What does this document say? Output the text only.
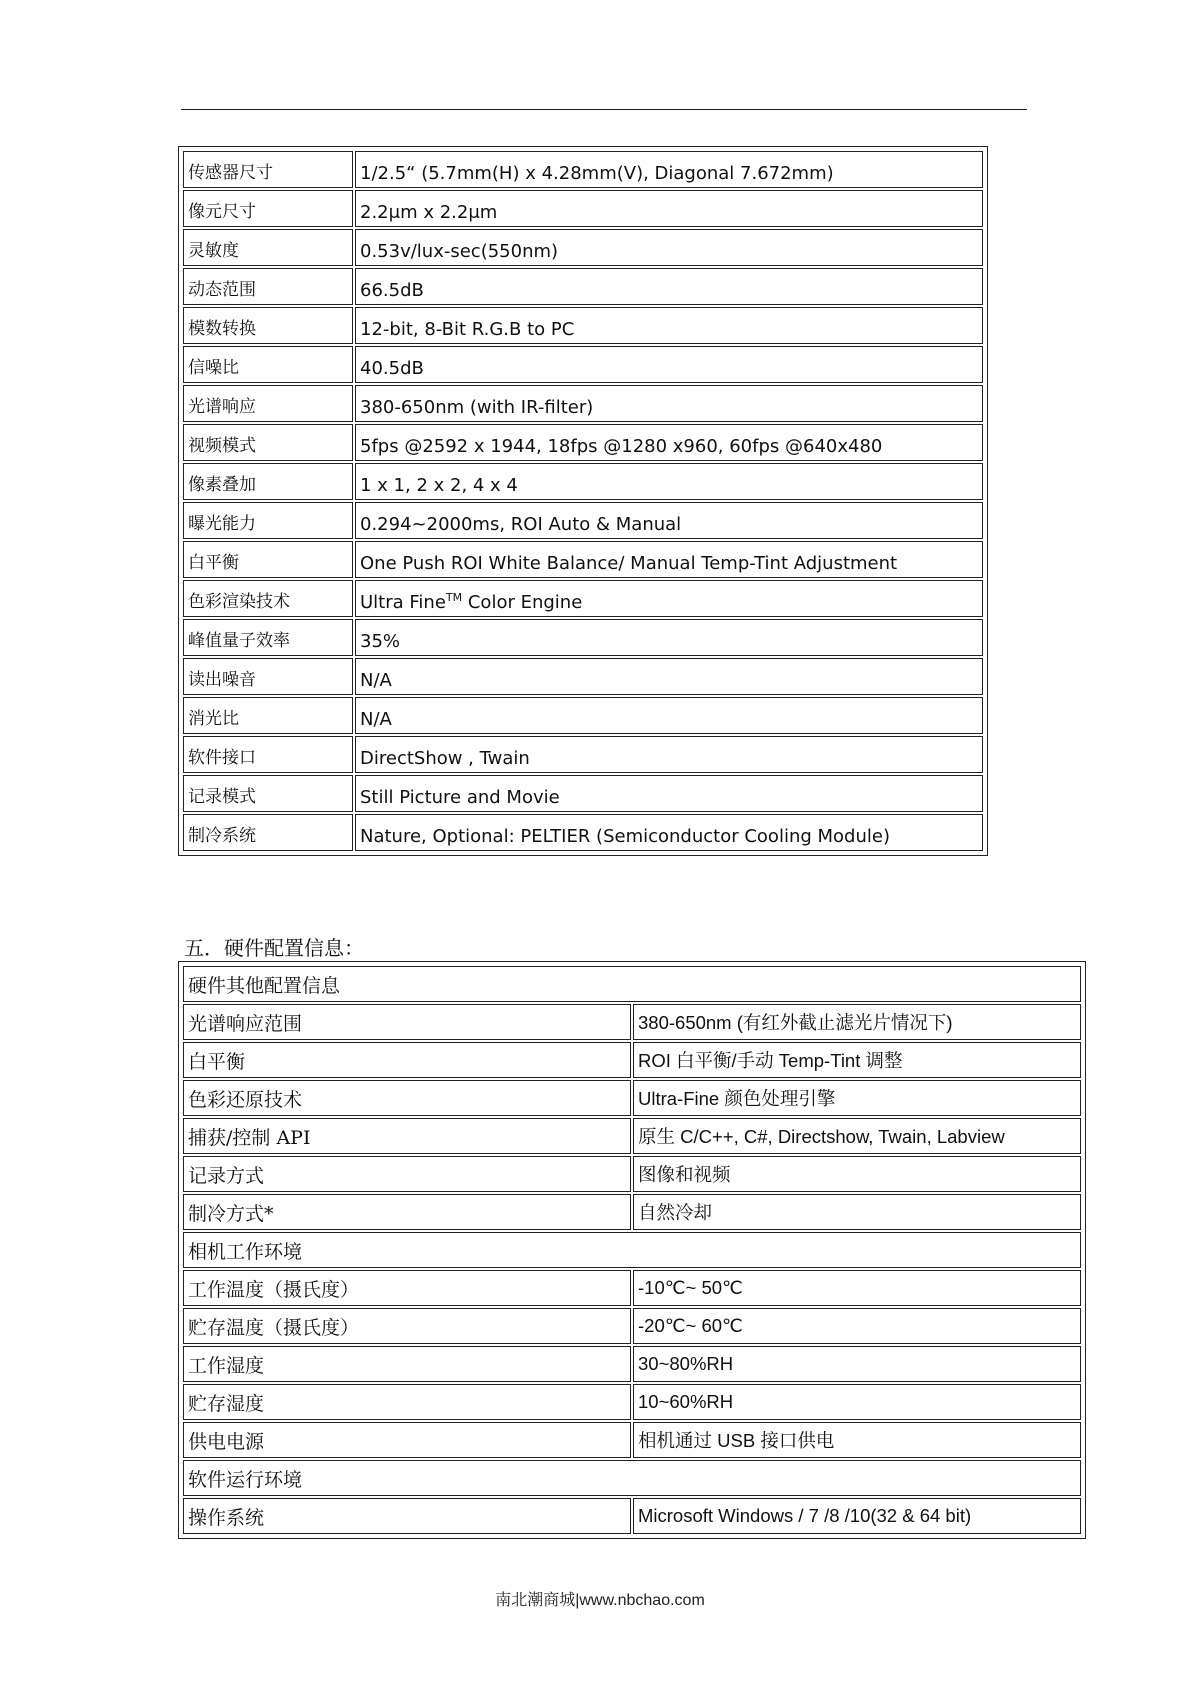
传感器尺寸	1/2.5“ (5.7mm(H) x 4.28mm(V), Diagonal 7.672mm)
像元尺寸	2.2μm x 2.2μm
灵敏度	0.53v/lux-sec(550nm)
动态范围	66.5dB
模数转换	12-bit, 8-Bit R.G.B to PC
信噪比	40.5dB
光谱响应	380-650nm (with IR-filter)
视频模式	5fps @2592 x 1944, 18fps @1280 x960, 60fps @640x480
像素叠加	1 x 1, 2 x 2, 4 x 4
曝光能力	0.294~2000ms, ROI Auto & Manual
白平衡	One Push ROI White Balance/ Manual Temp-Tint Adjustment
色彩渲染技术	Ultra Fine™ Color Engine
峰值量子效率	35%
读出噪音	N/A
消光比	N/A
软件接口	DirectShow , Twain
记录模式	Still Picture and Movie
制冷系统	Nature, Optional: PELTIER (Semiconductor Cooling Module)
五．硬件配置信息：
硬件其他配置信息	
光谱响应范围	380-650nm (有红外截止滤光片情况下)
白平衡	ROI 白平衡/手动 Temp-Tint 调整
色彩还原技术	Ultra-Fine 颜色处理引擎
捕获/控制 API	原生 C/C++, C#, Directshow, Twain, Labview
记录方式	图像和视频
制冷方式*	自然冷却
相机工作环境	
工作温度（摄氏度）	-10℃~ 50℃
贮存温度（摄氏度）	-20℃~ 60℃
工作湿度	30~80%RH
贮存湿度	10~60%RH
供电电源	相机通过 USB 接口供电
软件运行环境	
操作系统	Microsoft Windows / 7 /8 /10(32 & 64 bit)
南北潮商城|www.nbchao.com
